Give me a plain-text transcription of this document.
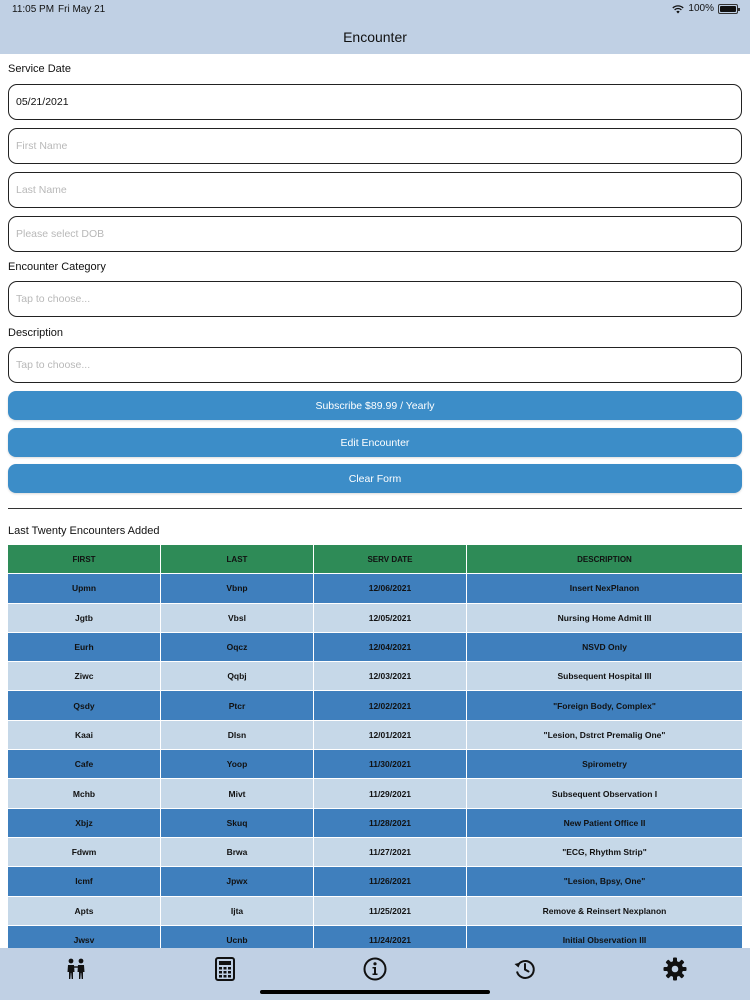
11:05 PM Fri May 21	100%
Encounter
Service Date
05/21/2021
First Name
Last Name
Please select DOB
Encounter Category
Tap to choose...
Description
Tap to choose...
Subscribe $89.99 / Yearly
Edit Encounter
Clear Form
Last Twenty Encounters Added
FIRST	LAST	SERV DATE	DESCRIPTION
Upmn	Vbnp	12/06/2021	Insert NexPlanon
Jgtb	Vbsl	12/05/2021	Nursing Home Admit III
Eurh	Oqcz	12/04/2021	NSVD Only
Ziwc	Qqbj	12/03/2021	Subsequent Hospital III
Qsdy	Ptcr	12/02/2021	"Foreign Body, Complex"
Kaai	Dlsn	12/01/2021	"Lesion, Dstrct Premalig One"
Cafe	Yoop	11/30/2021	Spirometry
Mchb	Mivt	11/29/2021	Subsequent Observation I
Xbjz	Skuq	11/28/2021	New Patient Office II
Fdwm	Brwa	11/27/2021	"ECG, Rhythm Strip"
Icmf	Jpwx	11/26/2021	"Lesion, Bpsy, One"
Apts	Ijta	11/25/2021	Remove & Reinsert Nexplanon
Jwsv	Ucnb	11/24/2021	Initial Observation III
